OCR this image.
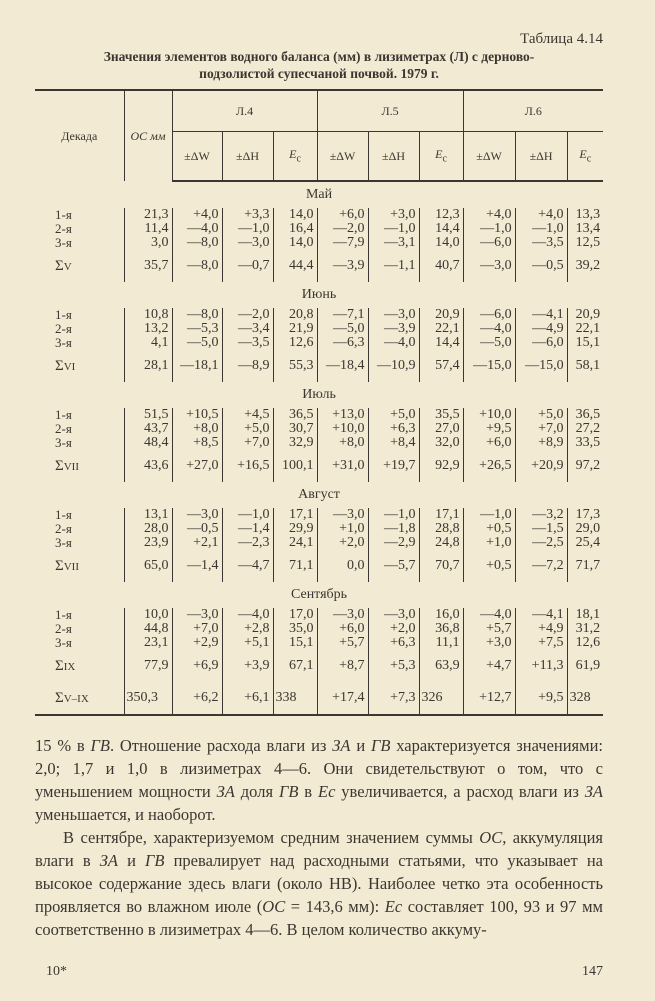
Таблица 4.14
Значения элементов водного баланса (мм) в лизиметрах (Л) с дерново-
подзолистой супесчаной почвой. 1979 г.
Декада	ОС мм	Л.4			Л.5			Л.6		
		±ΔW	±ΔH	$E_c$	±ΔW	±ΔH	$E_c$	±ΔW	±ΔH	$E_c$
Май										
1-я	21,3	+4,0	+3,3	14,0	+6,0	+3,0	12,3	+4,0	+4,0	13,3
2-я	11,4	—4,0	—1,0	16,4	—2,0	—1,0	14,4	—1,0	—1,0	13,4
3-я	3,0	—8,0	—3,0	14,0	—7,9	—3,1	14,0	—6,0	—3,5	12,5
ΣV	35,7	—8,0	—0,7	44,4	—3,9	—1,1	40,7	—3,0	—0,5	39,2
Июнь										
1-я	10,8	—8,0	—2,0	20,8	—7,1	—3,0	20,9	—6,0	—4,1	20,9
2-я	13,2	—5,3	—3,4	21,9	—5,0	—3,9	22,1	—4,0	—4,9	22,1
3-я	4,1	—5,0	—3,5	12,6	—6,3	—4,0	14,4	—5,0	—6,0	15,1
ΣVI	28,1	—18,1	—8,9	55,3	—18,4	—10,9	57,4	—15,0	—15,0	58,1
Июль										
1-я	51,5	+10,5	+4,5	36,5	+13,0	+5,0	35,5	+10,0	+5,0	36,5
2-я	43,7	+8,0	+5,0	30,7	+10,0	+6,3	27,0	+9,5	+7,0	27,2
3-я	48,4	+8,5	+7,0	32,9	+8,0	+8,4	32,0	+6,0	+8,9	33,5
ΣVII	43,6	+27,0	+16,5	100,1	+31,0	+19,7	92,9	+26,5	+20,9	97,2
Август										
1-я	13,1	—3,0	—1,0	17,1	—3,0	—1,0	17,1	—1,0	—3,2	17,3
2-я	28,0	—0,5	—1,4	29,9	+1,0	—1,8	28,8	+0,5	—1,5	29,0
3-я	23,9	+2,1	—2,3	24,1	+2,0	—2,9	24,8	+1,0	—2,5	25,4
ΣVII	65,0	—1,4	—4,7	71,1	0,0	—5,7	70,7	+0,5	—7,2	71,7
Сентябрь										
1-я	10,0	—3,0	—4,0	17,0	—3,0	—3,0	16,0	—4,0	—4,1	18,1
2-я	44,8	+7,0	+2,8	35,0	+6,0	+2,0	36,8	+5,7	+4,9	31,2
3-я	23,1	+2,9	+5,1	15,1	+5,7	+6,3	11,1	+3,0	+7,5	12,6
ΣIX	77,9	+6,9	+3,9	67,1	+8,7	+5,3	63,9	+4,7	+11,3	61,9
ΣV–IX	350,3	+6,2	+6,1	338	+17,4	+7,3	326	+12,7	+9,5	328

15 % в ГВ. Отношение расхода влаги из ЗА и ГВ характеризуется значениями: 2,0; 1,7 и 1,0 в лизиметрах 4—6. Они свидетельствуют о том, что с уменьшением мощности ЗА доля ГВ в Eс увеличивается, а расход влаги из ЗА уменьшается, и наоборот.

В сентябре, характеризуемом средним значением суммы ОС, аккумуляция влаги в ЗА и ГВ превалирует над расходными статьями, что указывает на высокое содержание здесь влаги (около НВ). Наиболее четко эта особенность проявляется во влажном июле (ОС = 143,6 мм): Eс составляет 100, 93 и 97 мм соответственно в лизиметрах 4—6. В целом количество аккуму-

10*	147
